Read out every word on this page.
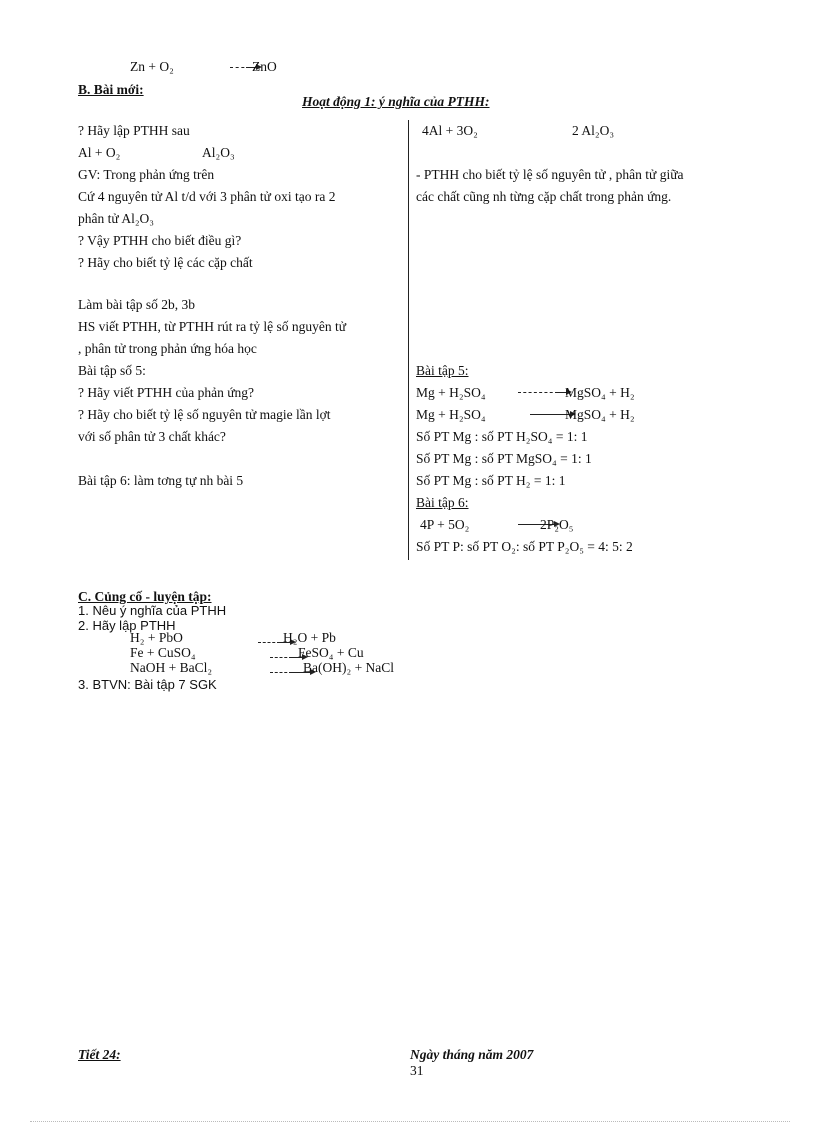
Zn + O₂	ZnO
B. Bài mới:
Hoạt động 1: ý nghĩa của PTHH:
? Hãy lập PTHH sau
Al + O₂	Al₂O₃
GV: Trong phản ứng trên
Cứ 4 nguyên tử Al t/d với 3 phân tử oxi tạo ra 2
phân tử Al₂O₃
? Vậy PTHH cho biết điều gì?
? Hãy cho biết tỷ lệ các cặp chất
Làm bài tập số 2b, 3b
HS viết PTHH, từ PTHH rút ra tỷ lệ số nguyên tử
, phân tử trong phản ứng hóa học
Bài tập số 5:
? Hãy viết PTHH của phản ứng?
? Hãy cho biết tỷ lệ số nguyên tử magie lần lợt
với số phân tử 3 chất khác?
Bài tập 6: làm tơng tự nh bài 5
4Al + 3O₂	2 Al₂O₃
- PTHH cho biết tỷ lệ số nguyên tử , phân tử giữa
các chất cũng nh từng cặp chất trong phản ứng.
Bài tập 5:
Mg + H₂SO₄	MgSO₄ + H₂
Mg + H₂SO₄	MgSO₄ + H₂
Số PT Mg : số PT H₂SO₄ = 1: 1
Số PT Mg : số PT MgSO₄ = 1: 1
Số PT Mg : số PT H₂ = 1: 1
Bài tập 6:
4P + 5O₂	2P₂O₅
Số PT P: số PT O₂: số PT P₂O₅ = 4: 5: 2
C. Củng cố - luyện tập:
1. Nêu ý nghĩa của PTHH
2. Hãy lập PTHH
H₂ + PbO	H₂O + Pb
Fe + CuSO₄	FeSO₄ + Cu
NaOH + BaCl₂	Ba(OH)₂ + NaCl
3. BTVN: Bài tập 7 SGK
Tiết 24:	Ngày tháng năm 2007
31
